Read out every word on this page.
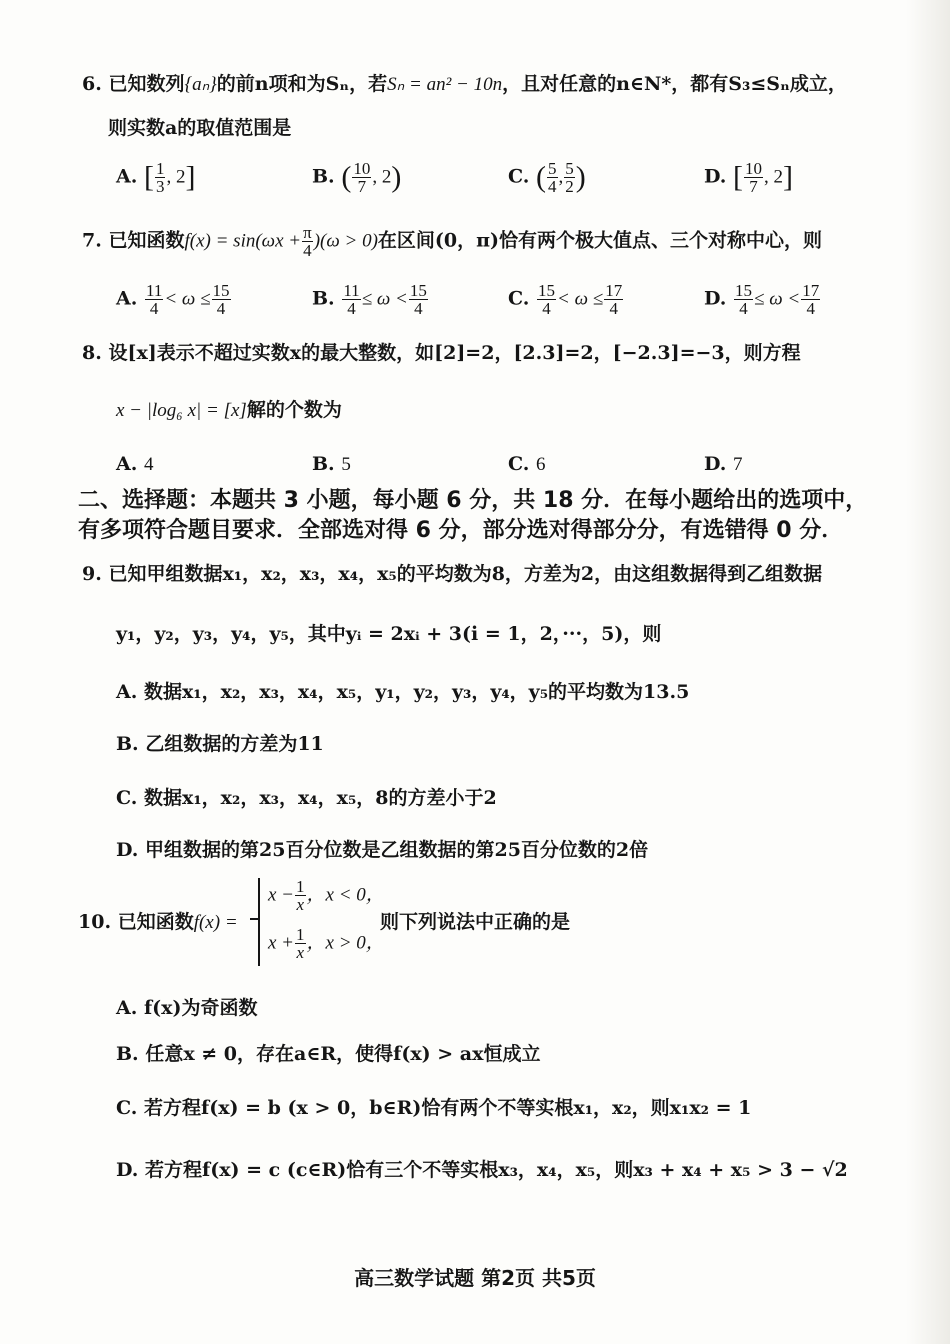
6. 已知数列{aₙ}的前n项和为Sₙ，若Sₙ = an² − 10n，且对任意的n∈N*，都有S₃≤Sₙ成立，
则实数a的取值范围是
A. [ $\frac{1}{3}$ , 2]	B. ( $\frac{10}{7}$ , 2)	C. ( $\frac{5}{4}$ , $\frac{5}{2}$ )	D. [ $\frac{10}{7}$ , 2]
7. 已知函数$f(x) = \sin(\omega x + \frac{\pi}{4} )(\omega > 0)$在区间(0，π)恰有两个极大值点、三个对称中心，则
A. $\frac{11}{4} < \omega \le \frac{15}{4}$	B. $\frac{11}{4} \le \omega < \frac{15}{4}$	C. $\frac{15}{4} < \omega \le \frac{17}{4}$	D. $\frac{15}{4} \le \omega < \frac{17}{4}$
8. 设[x]表示不超过实数x的最大整数，如[2]=2，[2.3]=2，[−2.3]=−3，则方程
x − |log₆ x| = [x]解的个数为
A. 4	B. 5	C. 6	D. 7
二、选择题：本题共 3 小题，每小题 6 分，共 18 分．在每小题给出的选项中，
有多项符合题目要求．全部选对得 6 分，部分选对得部分分，有选错得 0 分．
9. 已知甲组数据x₁，x₂，x₃，x₄，x₅的平均数为8，方差为2，由这组数据得到乙组数据
y₁，y₂，y₃，y₄，y₅，其中yᵢ = 2xᵢ + 3(i = 1，2，···，5)，则
A. 数据x₁，x₂，x₃，x₄，x₅，y₁，y₂，y₃，y₄，y₅的平均数为13.5
B. 乙组数据的方差为11
C. 数据x₁，x₂，x₃，x₄，x₅，8的方差小于2
D. 甲组数据的第25百分位数是乙组数据的第25百分位数的2倍
10. 已知函数f(x) =
$x - \frac{1}{x}$ ，x < 0，
$x + \frac{1}{x}$ ，x > 0，
则下列说法中正确的是
A. f(x)为奇函数
B. 任意x ≠ 0，存在a∈R，使得f(x) > ax恒成立
C. 若方程f(x) = b (x > 0，b∈R)恰有两个不等实根x₁，x₂，则x₁x₂ = 1
D. 若方程f(x) = c (c∈R)恰有三个不等实根x₃，x₄，x₅，则x₃ + x₄ + x₅ > 3 − √2
高三数学试题 第2页 共5页
